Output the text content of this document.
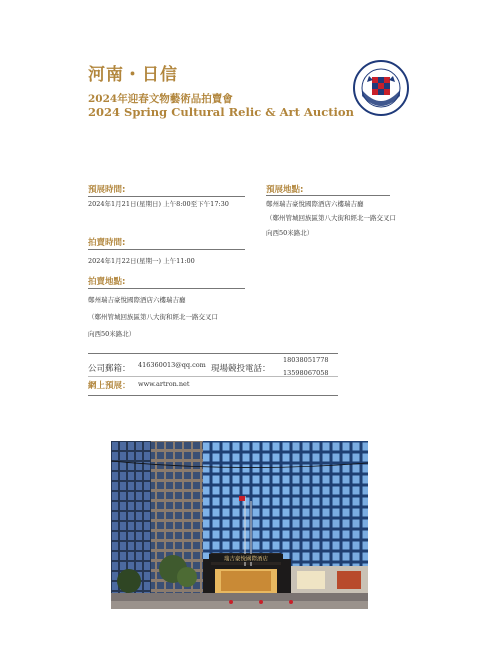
河南・日信
2024年迎春文物藝術品拍賣會
2024 Spring Cultural Relic & Art Auction
預展時間:
2024年1月21日(星期日) 上午8:00至下午17:30
拍賣時間:
2024年1月22日(星期一) 上午11:00
拍賣地點:
鄭州瑞吉豪悅國際酒店六樓瑞吉廳
（鄭州管城回族區第八大街和經北一路交叉口
向西50米路北）
預展地點:
鄭州瑞吉豪悅國際酒店六樓瑞吉廳
（鄭州管城回族區第八大街和經北一路交叉口
向西50米路北）
公司郵箱： 416360013@qq.com 現場競投電話：
18038051778
13598067058
網上預展： www.artron.net
瑞吉豪悅國際酒店
